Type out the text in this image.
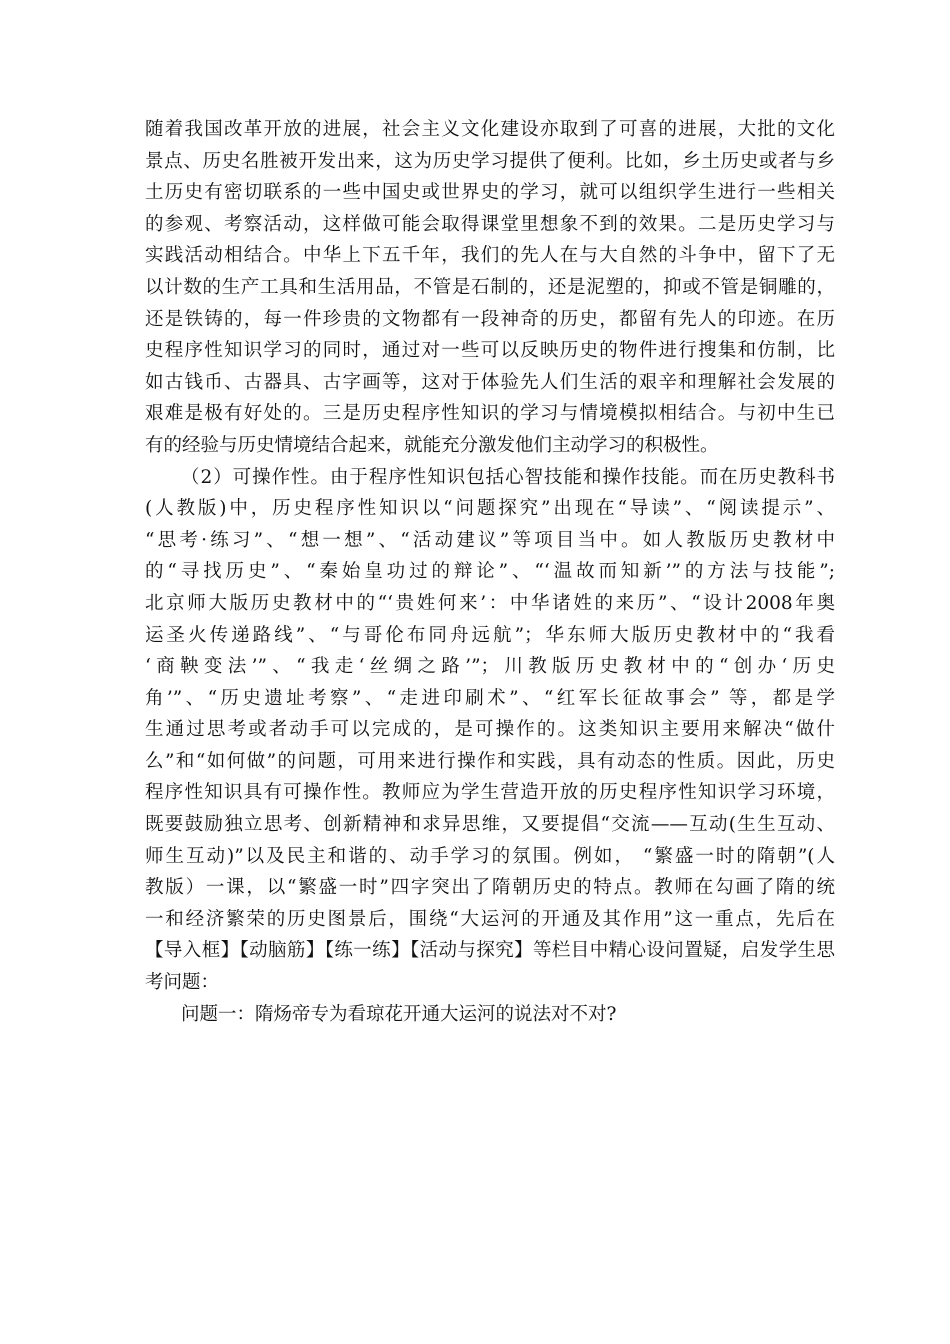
随着我国改革开放的进展，社会主义文化建设亦取到了可喜的进展，大批的文化
景点、历史名胜被开发出来，这为历史学习提供了便利。比如，乡土历史或者与乡
土历史有密切联系的一些中国史或世界史的学习，就可以组织学生进行一些相关
的参观、考察活动，这样做可能会取得课堂里想象不到的效果。二是历史学习与
实践活动相结合。中华上下五千年，我们的先人在与大自然的斗争中，留下了无
以计数的生产工具和生活用品，不管是石制的，还是泥塑的，抑或不管是铜雕的，
还是铁铸的，每一件珍贵的文物都有一段神奇的历史，都留有先人的印迹。在历
史程序性知识学习的同时，通过对一些可以反映历史的物件进行搜集和仿制，比
如古钱币、古器具、古字画等，这对于体验先人们生活的艰辛和理解社会发展的
艰难是极有好处的。三是历史程序性知识的学习与情境模拟相结合。与初中生已
有的经验与历史情境结合起来，就能充分激发他们主动学习的积极性。
（2）可操作性。由于程序性知识包括心智技能和操作技能。而在历史教科书
(人教版)中，历史程序性知识以“问题探究”出现在“导读”、“阅读提示”、
“思考·练习”、“想一想”、“活动建议”等项目当中。如人教版历史教材中
的“寻找历史”、“秦始皇功过的辩论”、“‘温故而知新’”的方法与技能”;
北京师大版历史教材中的“‘贵姓何来’：中华诸姓的来历”、“设计2008年奥
运圣火传递路线”、“与哥伦布同舟远航”；华东师大版历史教材中的“我看
‘商鞅变法’”、“我走‘丝绸之路’”；川教版历史教材中的“创办‘历史
角’”、“历史遗址考察”、“走进印刷术”、“红军长征故事会” 等，都是学
生通过思考或者动手可以完成的，是可操作的。这类知识主要用来解决“做什
么”和“如何做”的问题，可用来进行操作和实践，具有动态的性质。因此，历史
程序性知识具有可操作性。教师应为学生营造开放的历史程序性知识学习环境，
既要鼓励独立思考、创新精神和求异思维，又要提倡“交流——互动(生生互动、
师生互动)”以及民主和谐的、动手学习的氛围。例如， “繁盛一时的隋朝”(人
教版）一课，以“繁盛一时”四字突出了隋朝历史的特点。教师在勾画了隋的统
一和经济繁荣的历史图景后，围绕“大运河的开通及其作用”这一重点，先后在
【导入框】【动脑筋】【练一练】【活动与探究】等栏目中精心设问置疑，启发学生思
考问题：
问题一：隋炀帝专为看琼花开通大运河的说法对不对?
